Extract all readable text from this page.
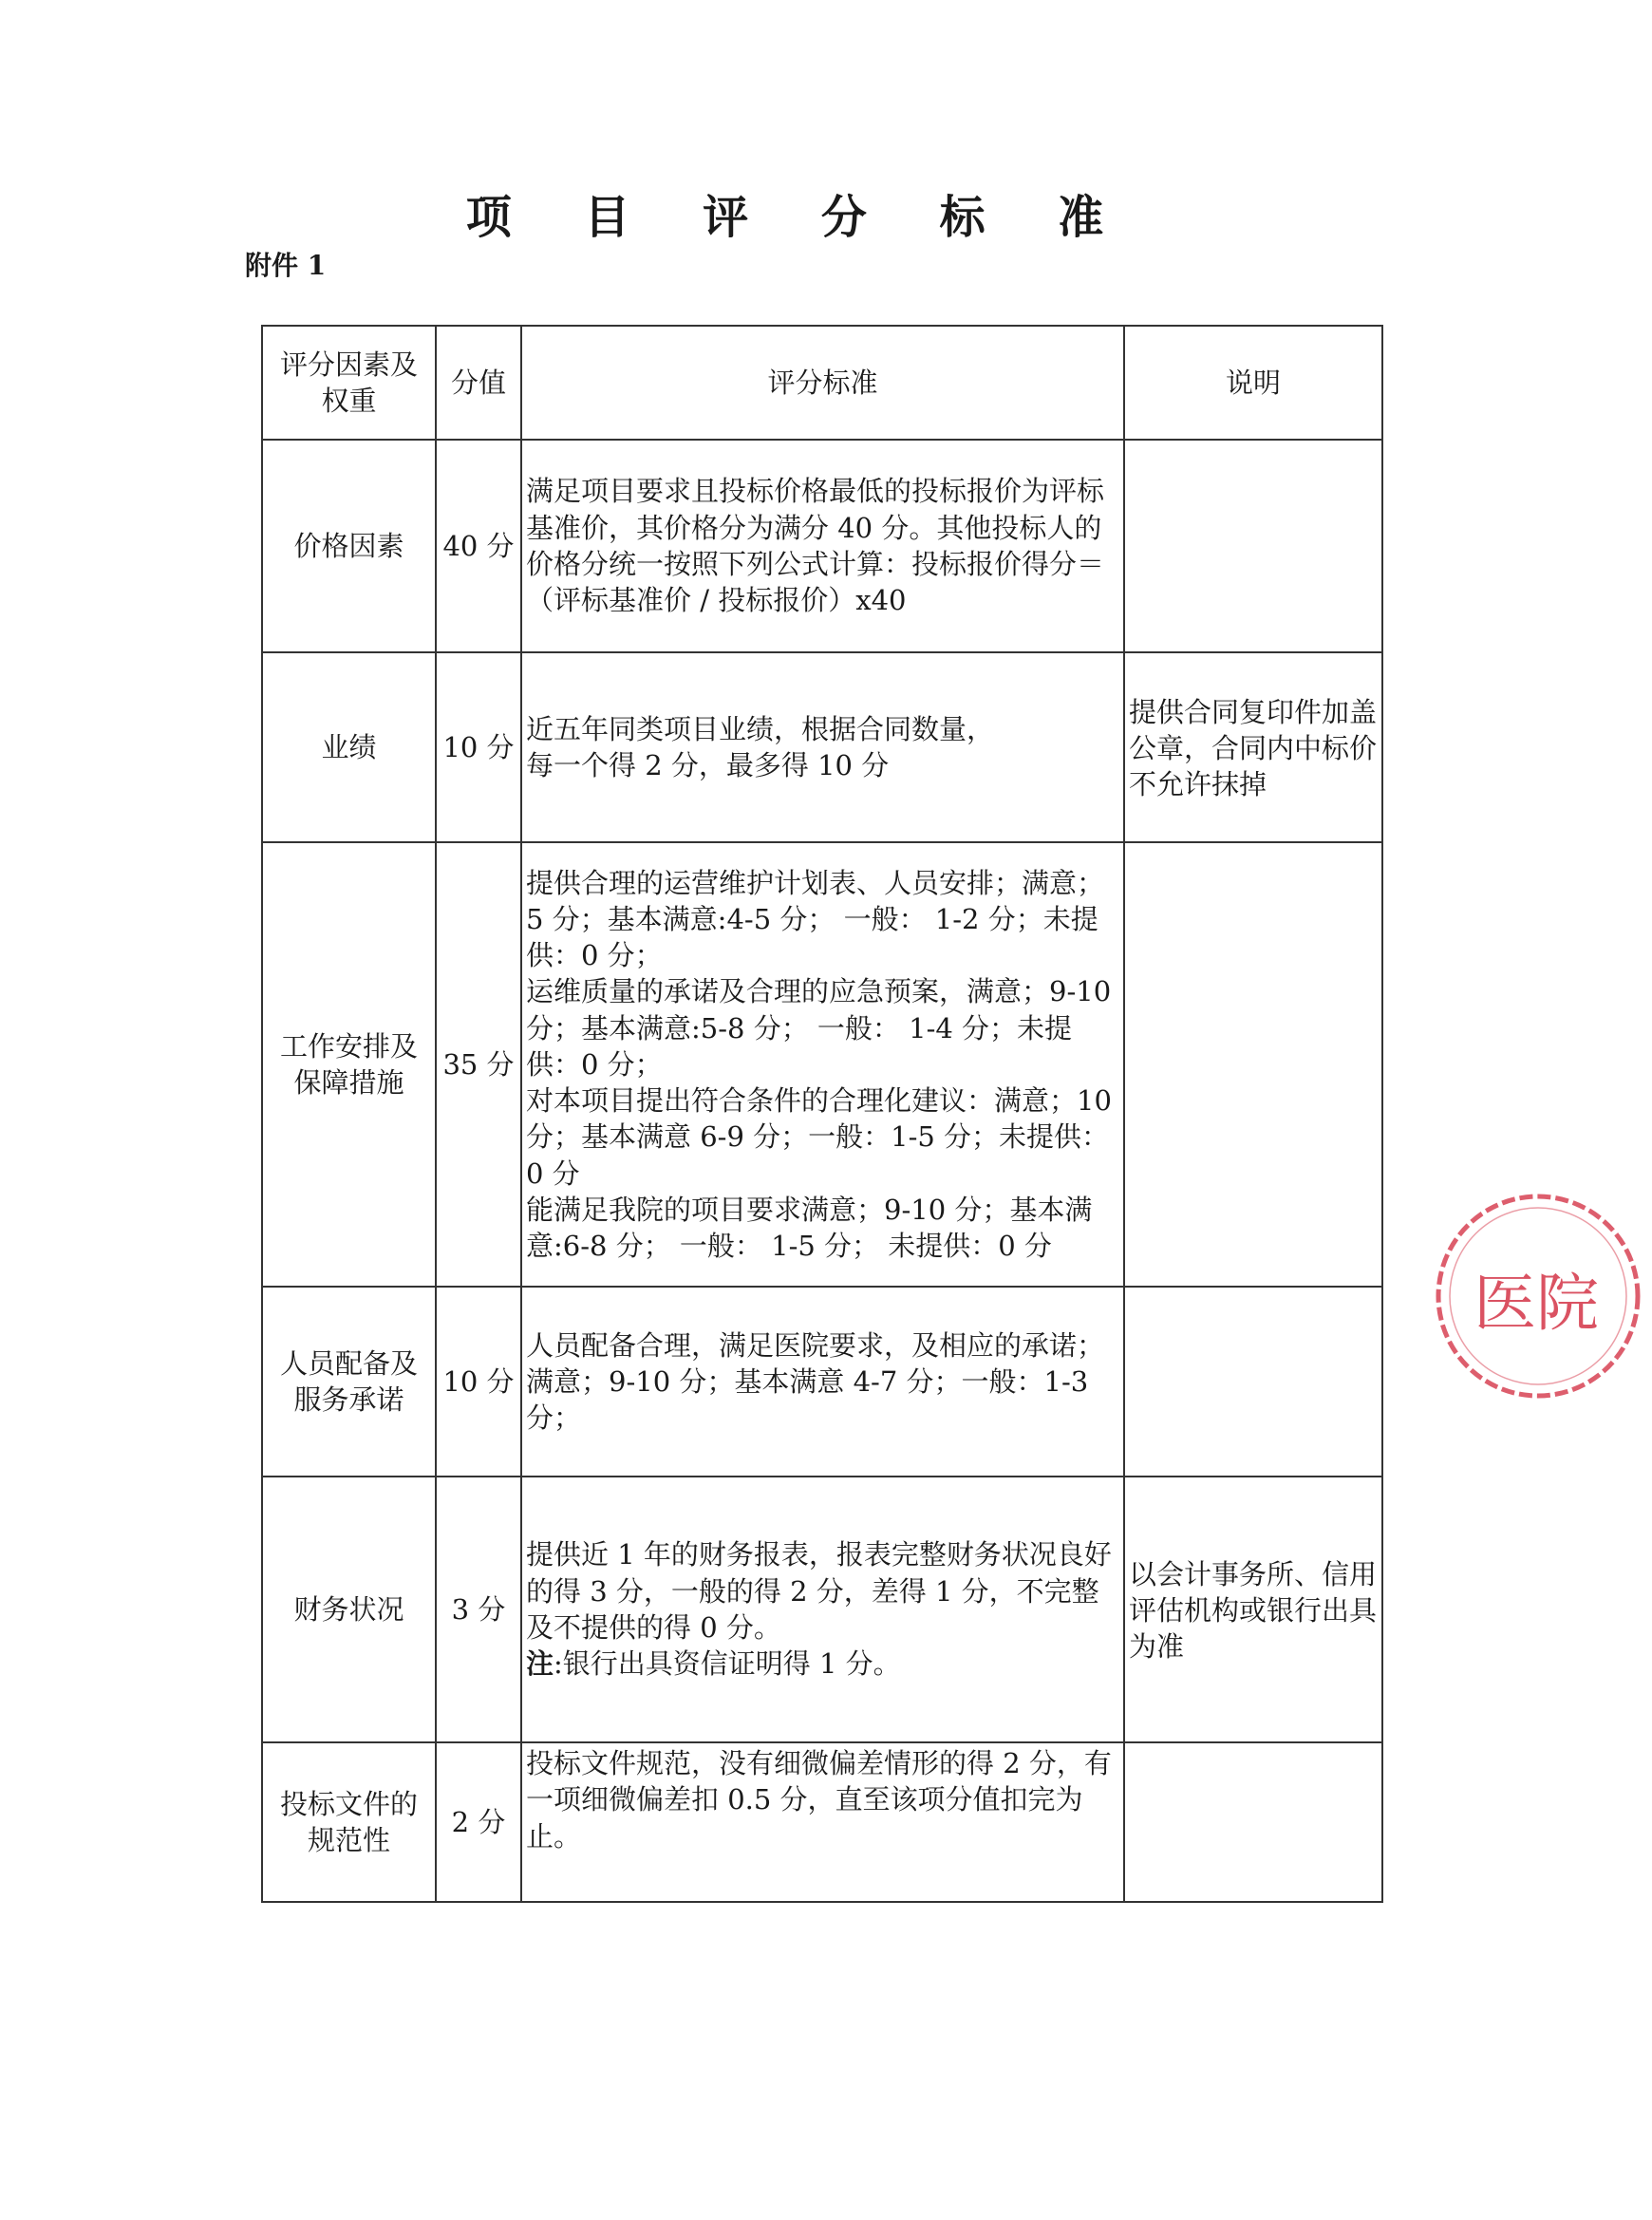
项 目 评 分 标 准
附件 1
评分因素及权重	分值	评分标准	说明
价格因素	40 分	满足项目要求且投标价格最低的投标报价为评标基准价，其价格分为满分 40 分。其他投标人的价格分统一按照下列公式计算：投标报价得分＝（评标基准价 / 投标报价）x40	

业绩	10 分	近五年同类项目业绩，根据合同数量，
每一个得 2 分，最多得 10 分	提供合同复印件加盖公章，合同内中标价不允许抹掉
工作安排及保障措施	35 分	提供合理的运营维护计划表、人员安排；满意； 5 分；基本满意:4-5 分； 一般： 1-2 分；未提供：0 分；
运维质量的承诺及合理的应急预案，满意；9-10 分；基本满意:5-8 分； 一般： 1-4 分；未提供：0 分；
对本项目提出符合条件的合理化建议：满意；10 分；基本满意 6-9 分；一般：1-5 分；未提供：0 分
能满足我院的项目要求满意；9-10 分；基本满意:6-8 分； 一般： 1-5 分； 未提供：0 分	

人员配备及服务承诺	10 分	人员配备合理，满足医院要求，及相应的承诺；
满意；9-10 分；基本满意 4-7 分；一般：1-3 分；	

财务状况	3 分	提供近 1 年的财务报表，报表完整财务状况良好的得 3 分，一般的得 2 分，差得 1 分，不完整及不提供的得 0 分。
注:银行出具资信证明得 1 分。	以会计事务所、信用评估机构或银行出具为准
投标文件的规范性	2 分	投标文件规范，没有细微偏差情形的得 2 分，有一项细微偏差扣 0.5 分，直至该项分值扣完为止。	

医院
